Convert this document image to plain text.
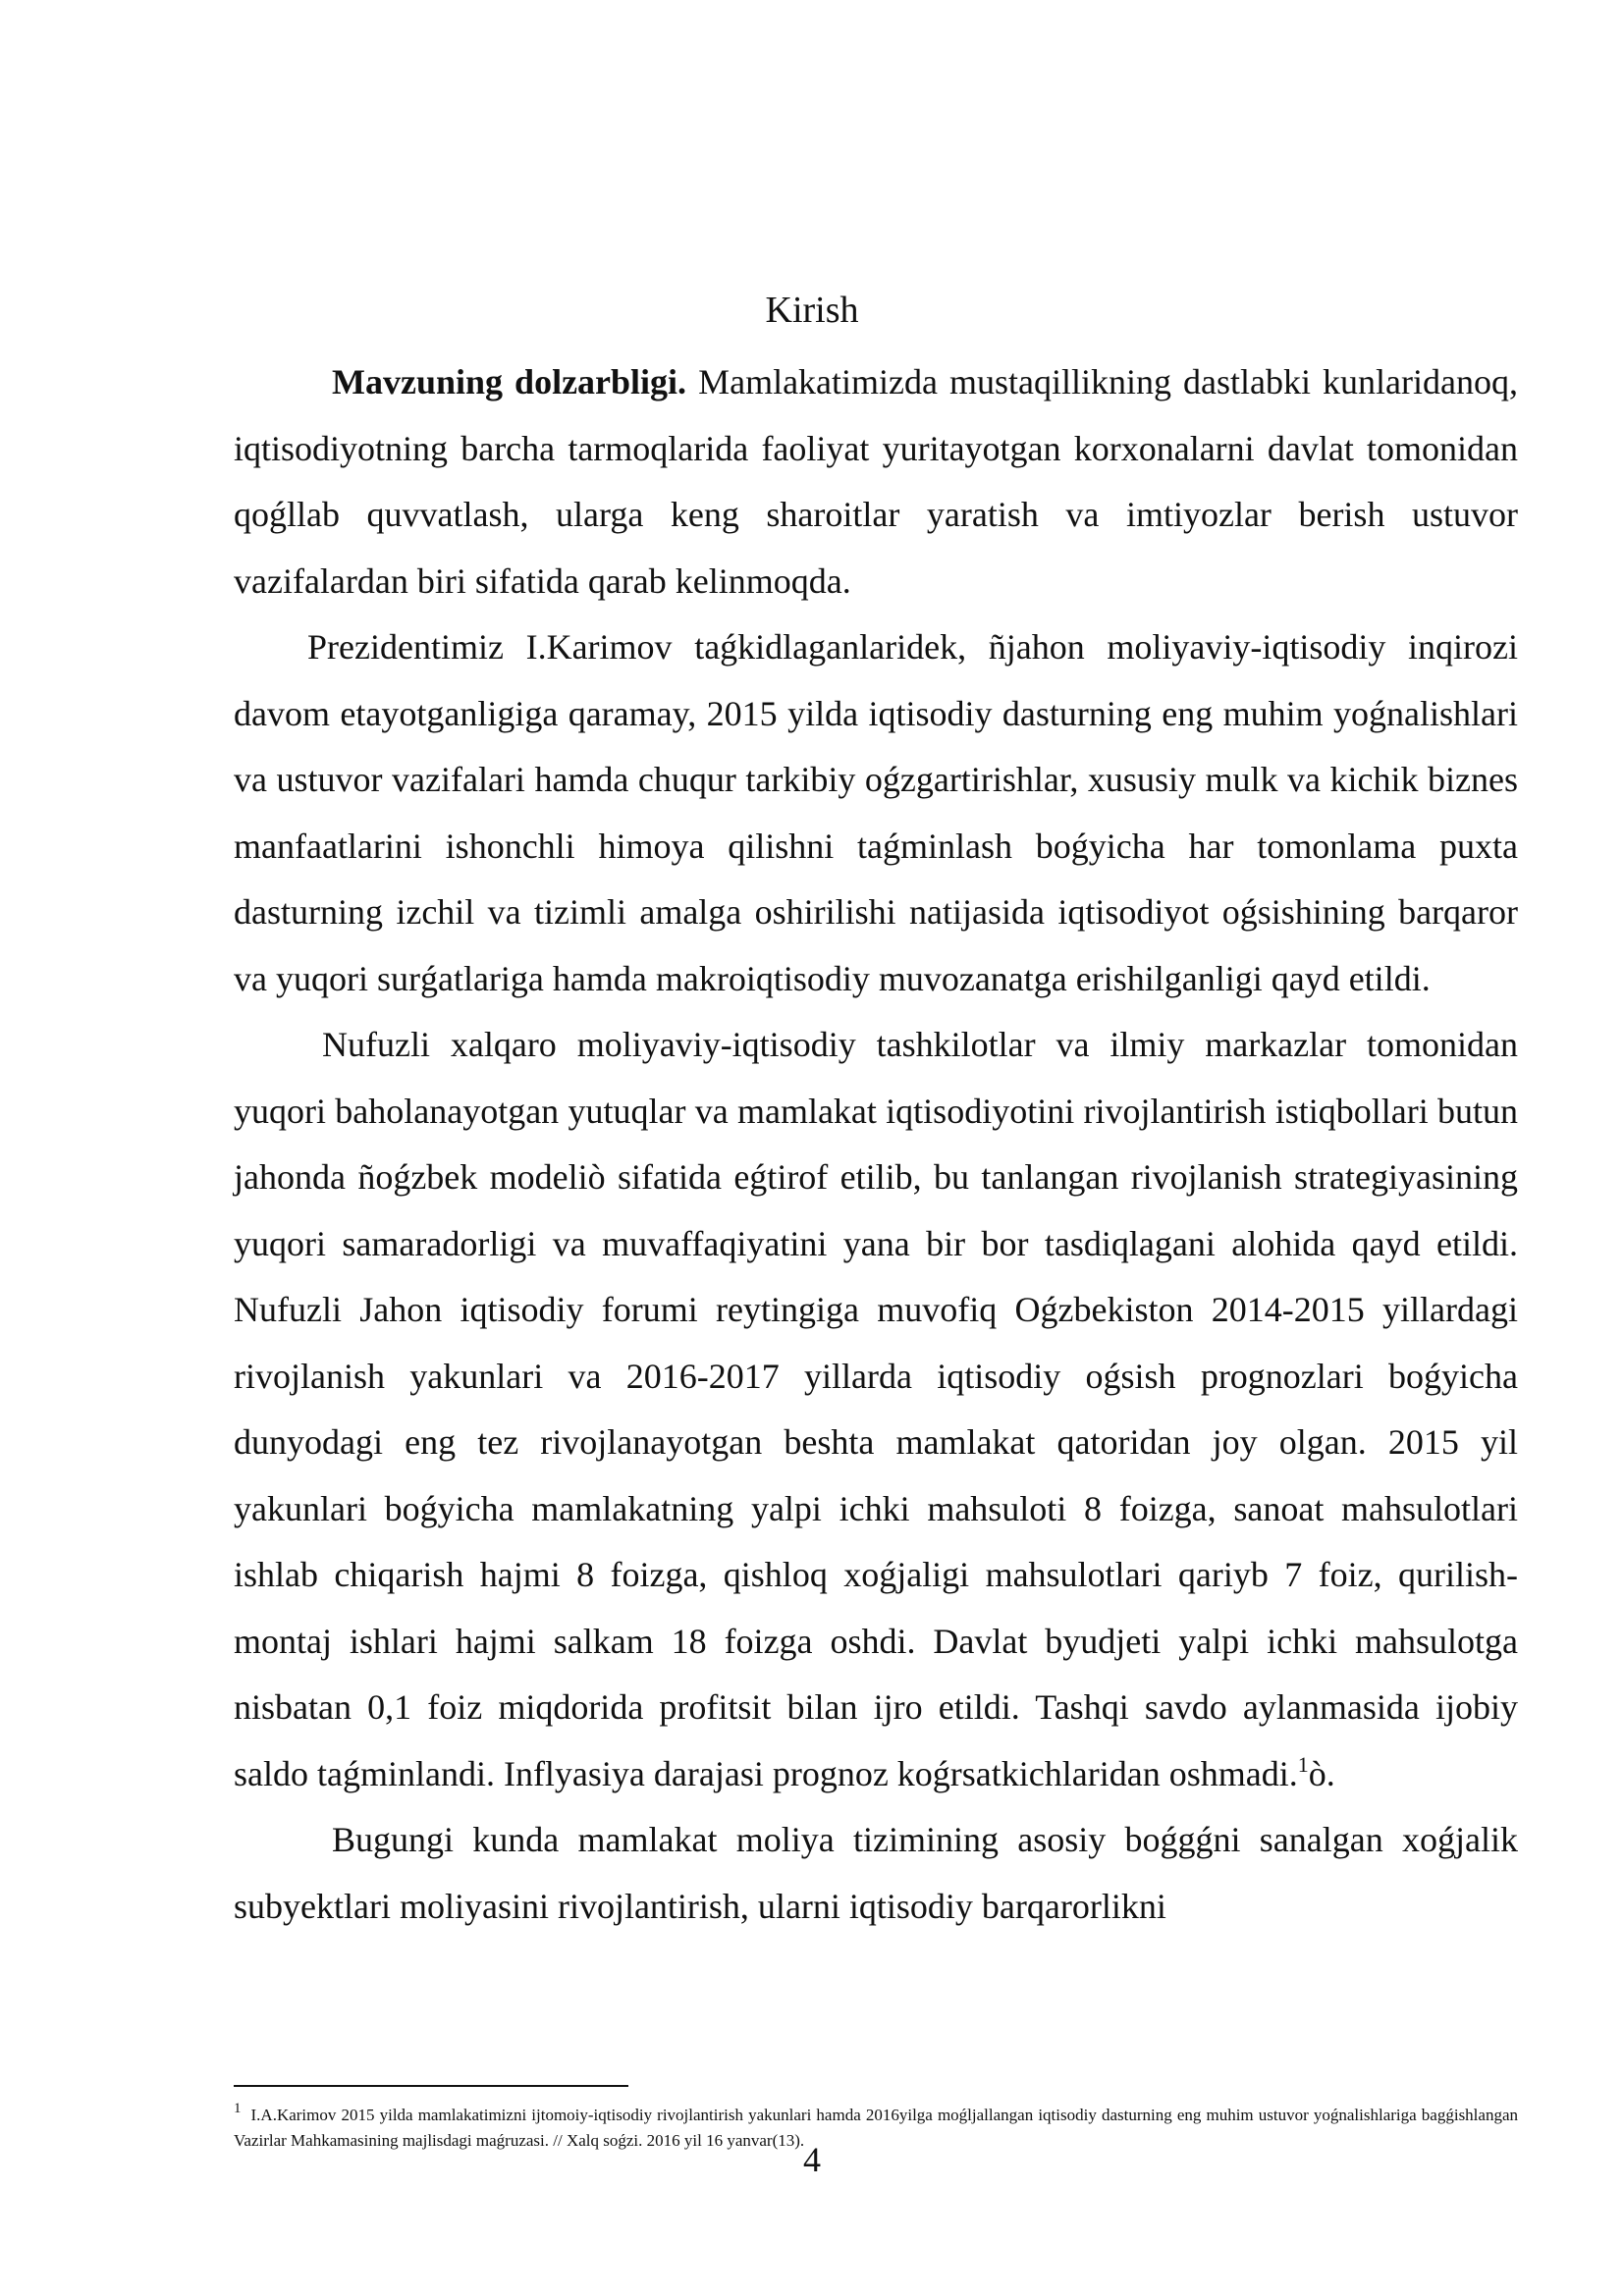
Kirish

Mavzuning dolzarbligi. Mamlakatimizda mustaqillikning dastlabki kunlaridanoq, iqtisodiyotning barcha tarmoqlarida faoliyat yuritayotgan korxonalarni davlat tomonidan qoǵllab quvvatlash, ularga keng sharoitlar yaratish va imtiyozlar berish ustuvor vazifalardan biri sifatida qarab kelinmoqda.

Prezidentimiz I.Karimov taǵkidlaganlaridek, ñjahon moliyaviy-iqtisodiy inqirozi davom etayotganligiga qaramay, 2015 yilda iqtisodiy dasturning eng muhim yoǵnalishlari va ustuvor vazifalari hamda chuqur tarkibiy oǵzgartirishlar, xususiy mulk va kichik biznes manfaatlarini ishonchli himoya qilishni taǵminlash boǵyicha har tomonlama puxta dasturning izchil va tizimli amalga oshirilishi natijasida iqtisodiyot oǵsishining barqaror va yuqori surǵatlariga hamda makroiqtisodiy muvozanatga erishilganligi qayd etildi.

Nufuzli xalqaro moliyaviy-iqtisodiy tashkilotlar va ilmiy markazlar tomonidan yuqori baholanayotgan yutuqlar va mamlakat iqtisodiyotini rivojlantirish istiqbollari butun jahonda ñoǵzbek modeliò sifatida eǵtirof etilib, bu tanlangan rivojlanish strategiyasining yuqori samaradorligi va muvaffaqiyatini yana bir bor tasdiqlagani alohida qayd etildi. Nufuzli Jahon iqtisodiy forumi reytingiga muvofiq Oǵzbekiston 2014-2015 yillardagi rivojlanish yakunlari va 2016-2017 yillarda iqtisodiy oǵsish prognozlari boǵyicha dunyodagi eng tez rivojlanayotgan beshta mamlakat qatoridan joy olgan. 2015 yil yakunlari boǵyicha mamlakatning yalpi ichki mahsuloti 8 foizga, sanoat mahsulotlari ishlab chiqarish hajmi 8 foizga, qishloq xoǵjaligi mahsulotlari qariyb 7 foiz, qurilish-montaj ishlari hajmi salkam 18 foizga oshdi. Davlat byudjeti yalpi ichki mahsulotga nisbatan 0,1 foiz miqdorida profitsit bilan ijro etildi. Tashqi savdo aylanmasida ijobiy saldo taǵminlandi. Inflyasiya darajasi prognoz koǵrsatkichlaridan oshmadi.$^1$ò.

Bugungi kunda mamlakat moliya tizimining asosiy boǵgǵni sanalgan xoǵjalik subyektlari moliyasini rivojlantirish, ularni iqtisodiy barqarorlikni

$^1$ I.A.Karimov 2015 yilda mamlakatimizni ijtomoiy-iqtisodiy rivojlantirish yakunlari hamda 2016yilga moǵljallangan iqtisodiy dasturning eng muhim ustuvor yoǵnalishlariga bagǵishlangan Vazirlar Mahkamasining majlisdagi maǵruzasi. // Xalq soǵzi. 2016 yil 16 yanvar(13).
4
